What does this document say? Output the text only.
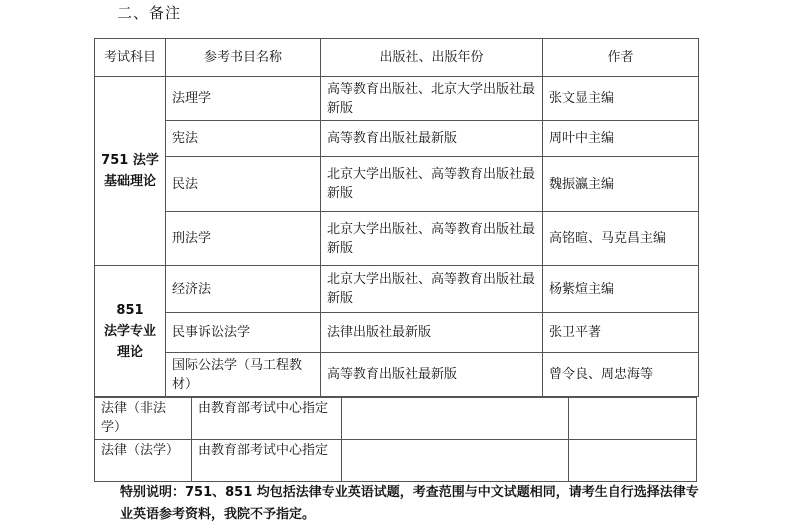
二、备注
考试科目	参考书目名称	出版社、出版年份	作者

751 法学
基础理论	法理学	高等教育出版社、北京大学出版社最新版	张文显主编
	宪法	高等教育出版社最新版	周叶中主编
	民法	北京大学出版社、高等教育出版社最新版	魏振瀛主编
	刑法学	北京大学出版社、高等教育出版社最新版	高铭暄、马克昌主编

851
法学专业
理论	经济法	北京大学出版社、高等教育出版社最新版	杨紫煊主编
	民事诉讼法学	法律出版社最新版	张卫平著
	国际公法学（马工程教材）	高等教育出版社最新版	曾令良、周忠海等
法律（非法学）	由教育部考试中心指定		
法律（法学）	由教育部考试中心指定		
特别说明：751、851 均包括法律专业英语试题，考查范围与中文试题相同，请考生自行选择法律专业英语参考资料，我院不予指定。
